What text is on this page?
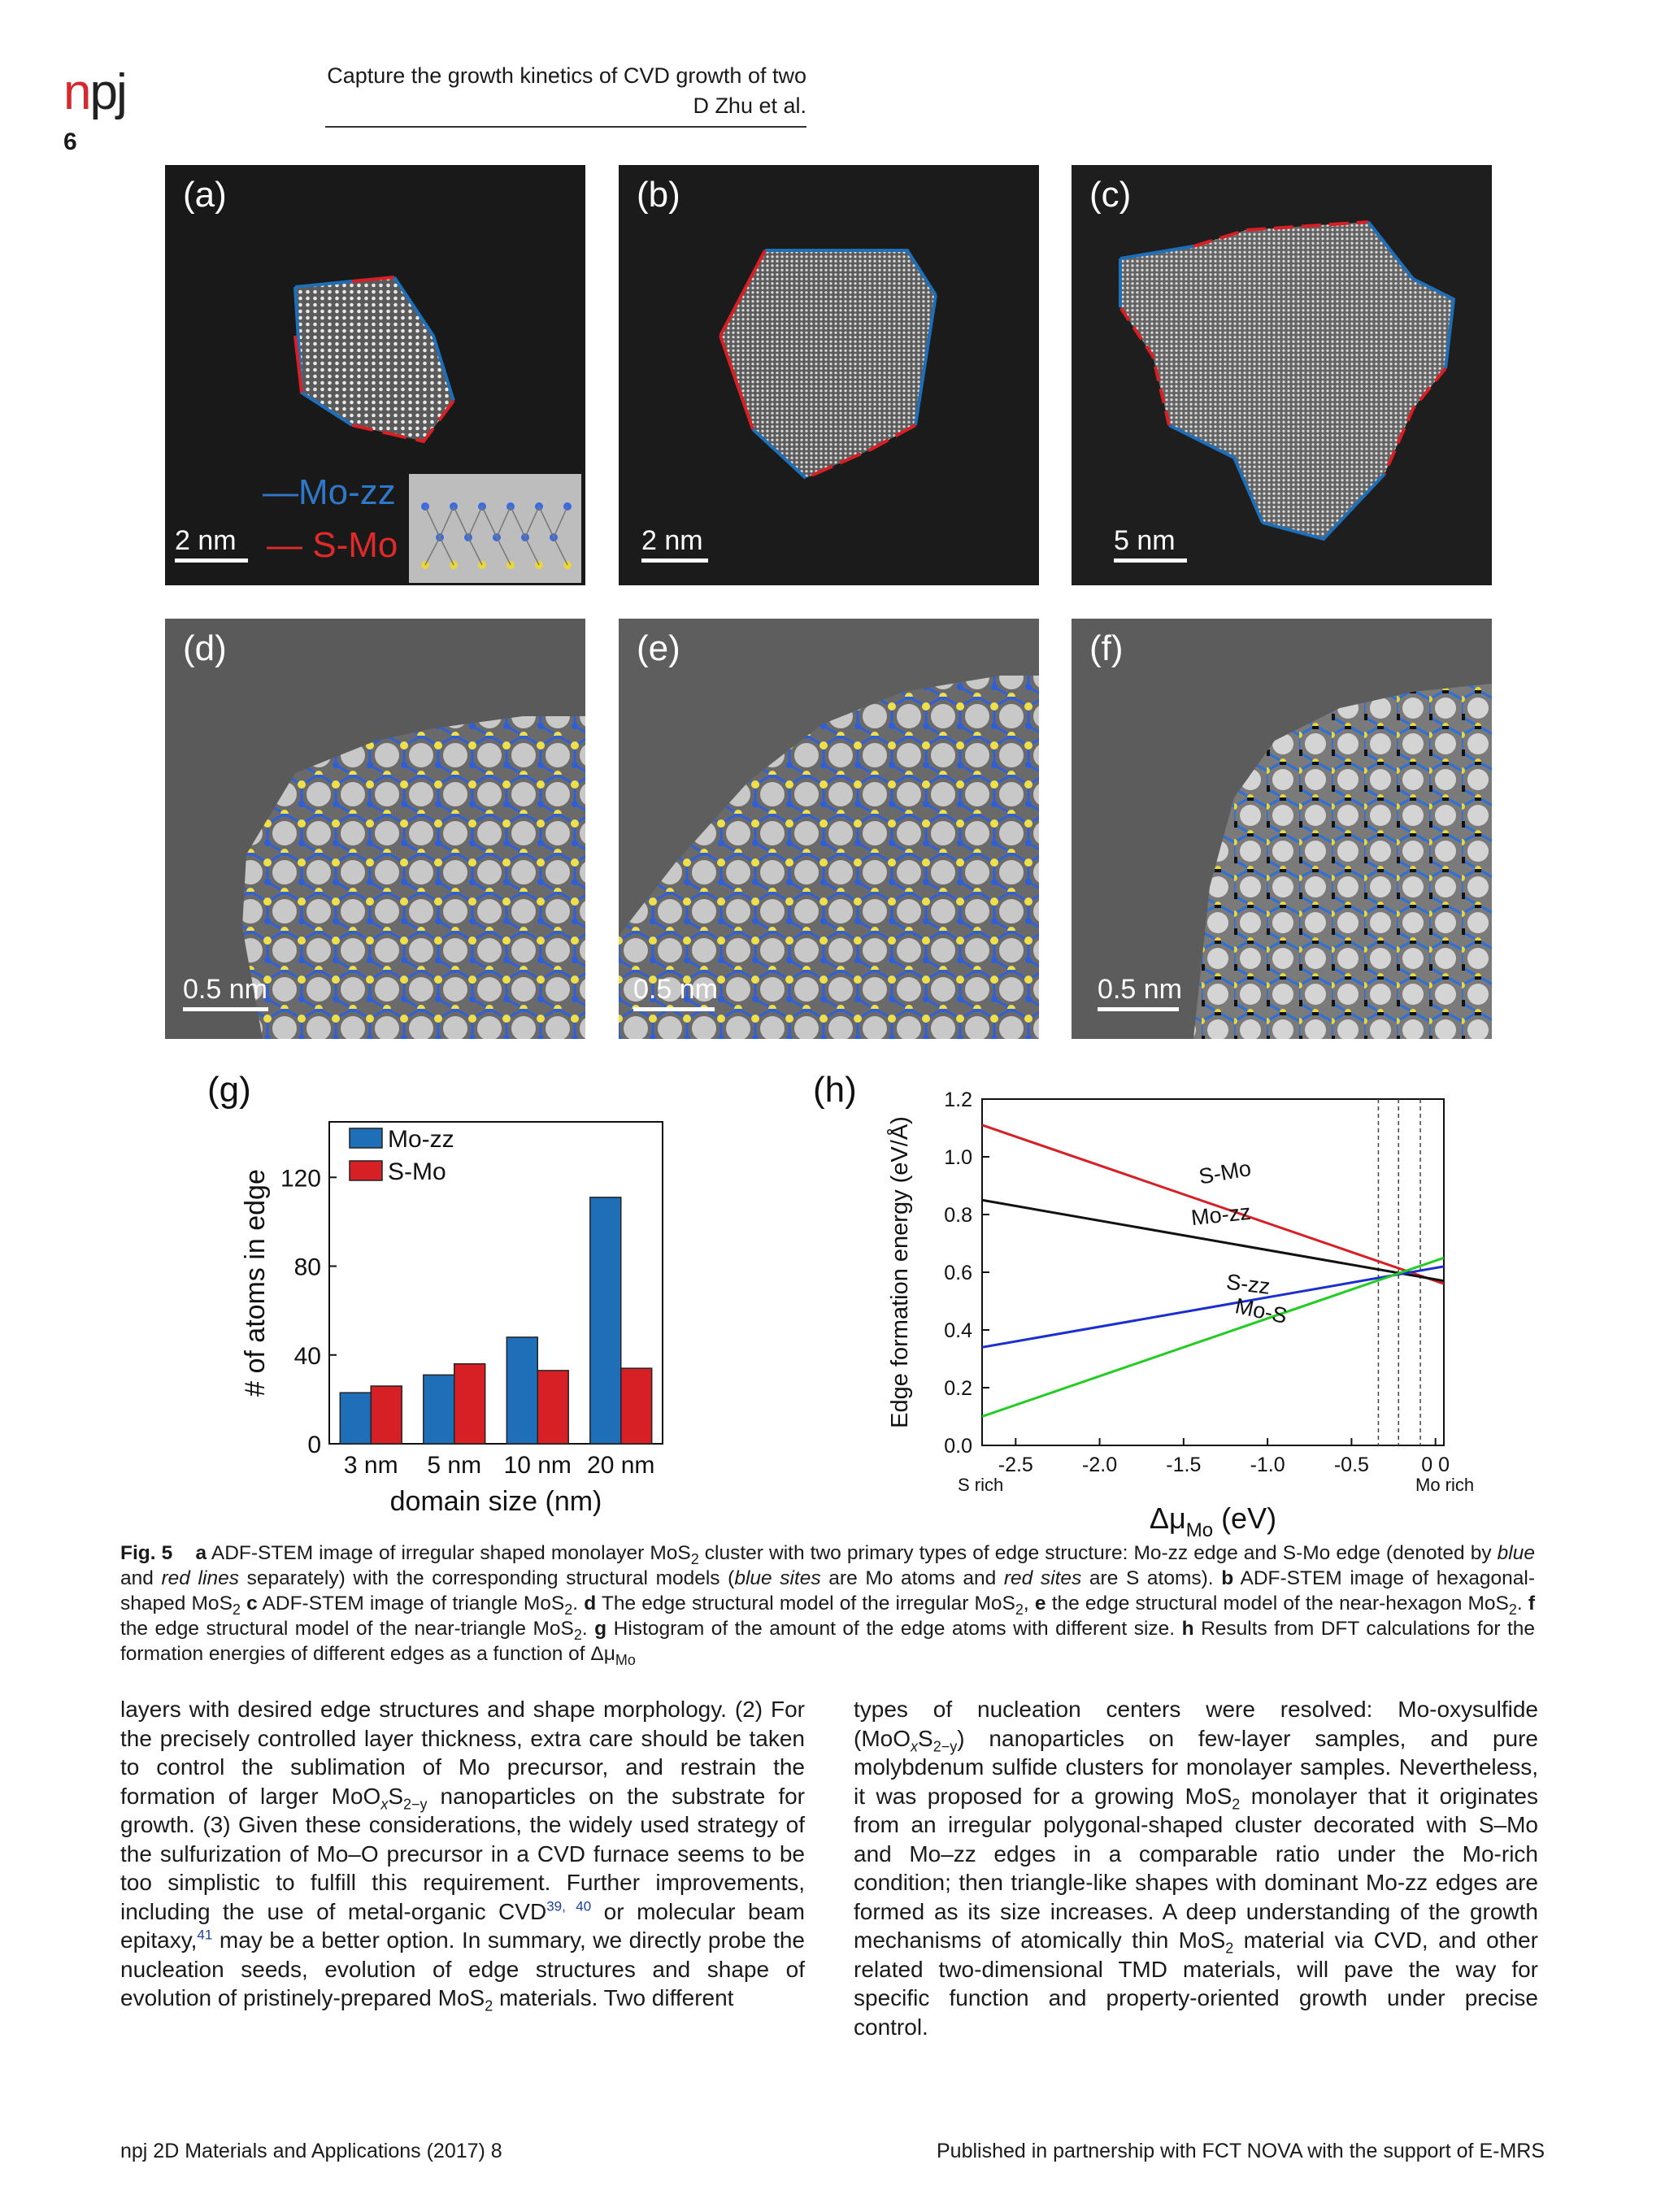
npj
6
Capture the growth kinetics of CVD growth of two
D Zhu et al.
(a)
—Mo-zz
— S-Mo
2 nm
(b)
2 nm
(c)
5 nm
(d)
0.5 nm
(e)
0.5 nm
(f)
0.5 nm
(g)
0
40
80
120
3 nm 5 nm 10 nm 20 nm
Mo-zz
S-Mo
# of atoms in edge
domain size (nm)
(h)
0.0
0.2
0.4
0.6
0.8
1.0
1.2
-2.5 -2.0 -1.5 -1.0 -0.5	0 0
S-Mo
Mo-zz
S-zz
Mo-S
Edge formation energy (eV/Å)
$\Delta\mu_{Mo}$ (eV)
S rich	Mo rich
Fig. 5 a ADF-STEM image of irregular shaped monolayer MoS$_2$ cluster with two primary types of edge structure: Mo-zz edge and S-Mo edge (denoted by blue and red lines separately) with the corresponding structural models (blue sites are Mo atoms and red sites are S atoms). b ADF-STEM image of hexagonal-shaped MoS$_2$ c ADF-STEM image of triangle MoS$_2$. d The edge structural model of the irregular MoS$_2$, e the edge structural model of the near-hexagon MoS$_2$. f the edge structural model of the near-triangle MoS$_2$. g Histogram of the amount of the edge atoms with different size. h Results from DFT calculations for the formation energies of different edges as a function of $\Delta\mu_{Mo}$
layers with desired edge structures and shape morphology. (2) For the precisely controlled layer thickness, extra care should be taken to control the sublimation of Mo precursor, and restrain the formation of larger $MoO_xS_{2-y}$ nanoparticles on the substrate for growth. (3) Given these considerations, the widely used strategy of the sulfurization of Mo–O precursor in a CVD furnace seems to be too simplistic to fulfill this requirement. Further improvements, including the use of metal-organic CVD$^{39, 40}$ or molecular beam epitaxy,$^{41}$ may be a better option. In summary, we directly probe the nucleation seeds, evolution of edge structures and shape of evolution of pristinely-prepared MoS$_2$ materials. Two different
types of nucleation centers were resolved: Mo-oxysulfide $(MoO_xS_{2-y})$ nanoparticles on few-layer samples, and pure molybdenum sulfide clusters for monolayer samples. Nevertheless, it was proposed for a growing MoS$_2$ monolayer that it originates from an irregular polygonal-shaped cluster decorated with S–Mo and Mo–zz edges in a comparable ratio under the Mo-rich condition; then triangle-like shapes with dominant Mo-zz edges are formed as its size increases. A deep understanding of the growth mechanisms of atomically thin MoS$_2$ material via CVD, and other related two-dimensional TMD materials, will pave the way for specific function and property-oriented growth under precise control.
npj 2D Materials and Applications (2017) 8	Published in partnership with FCT NOVA with the support of E-MRS
